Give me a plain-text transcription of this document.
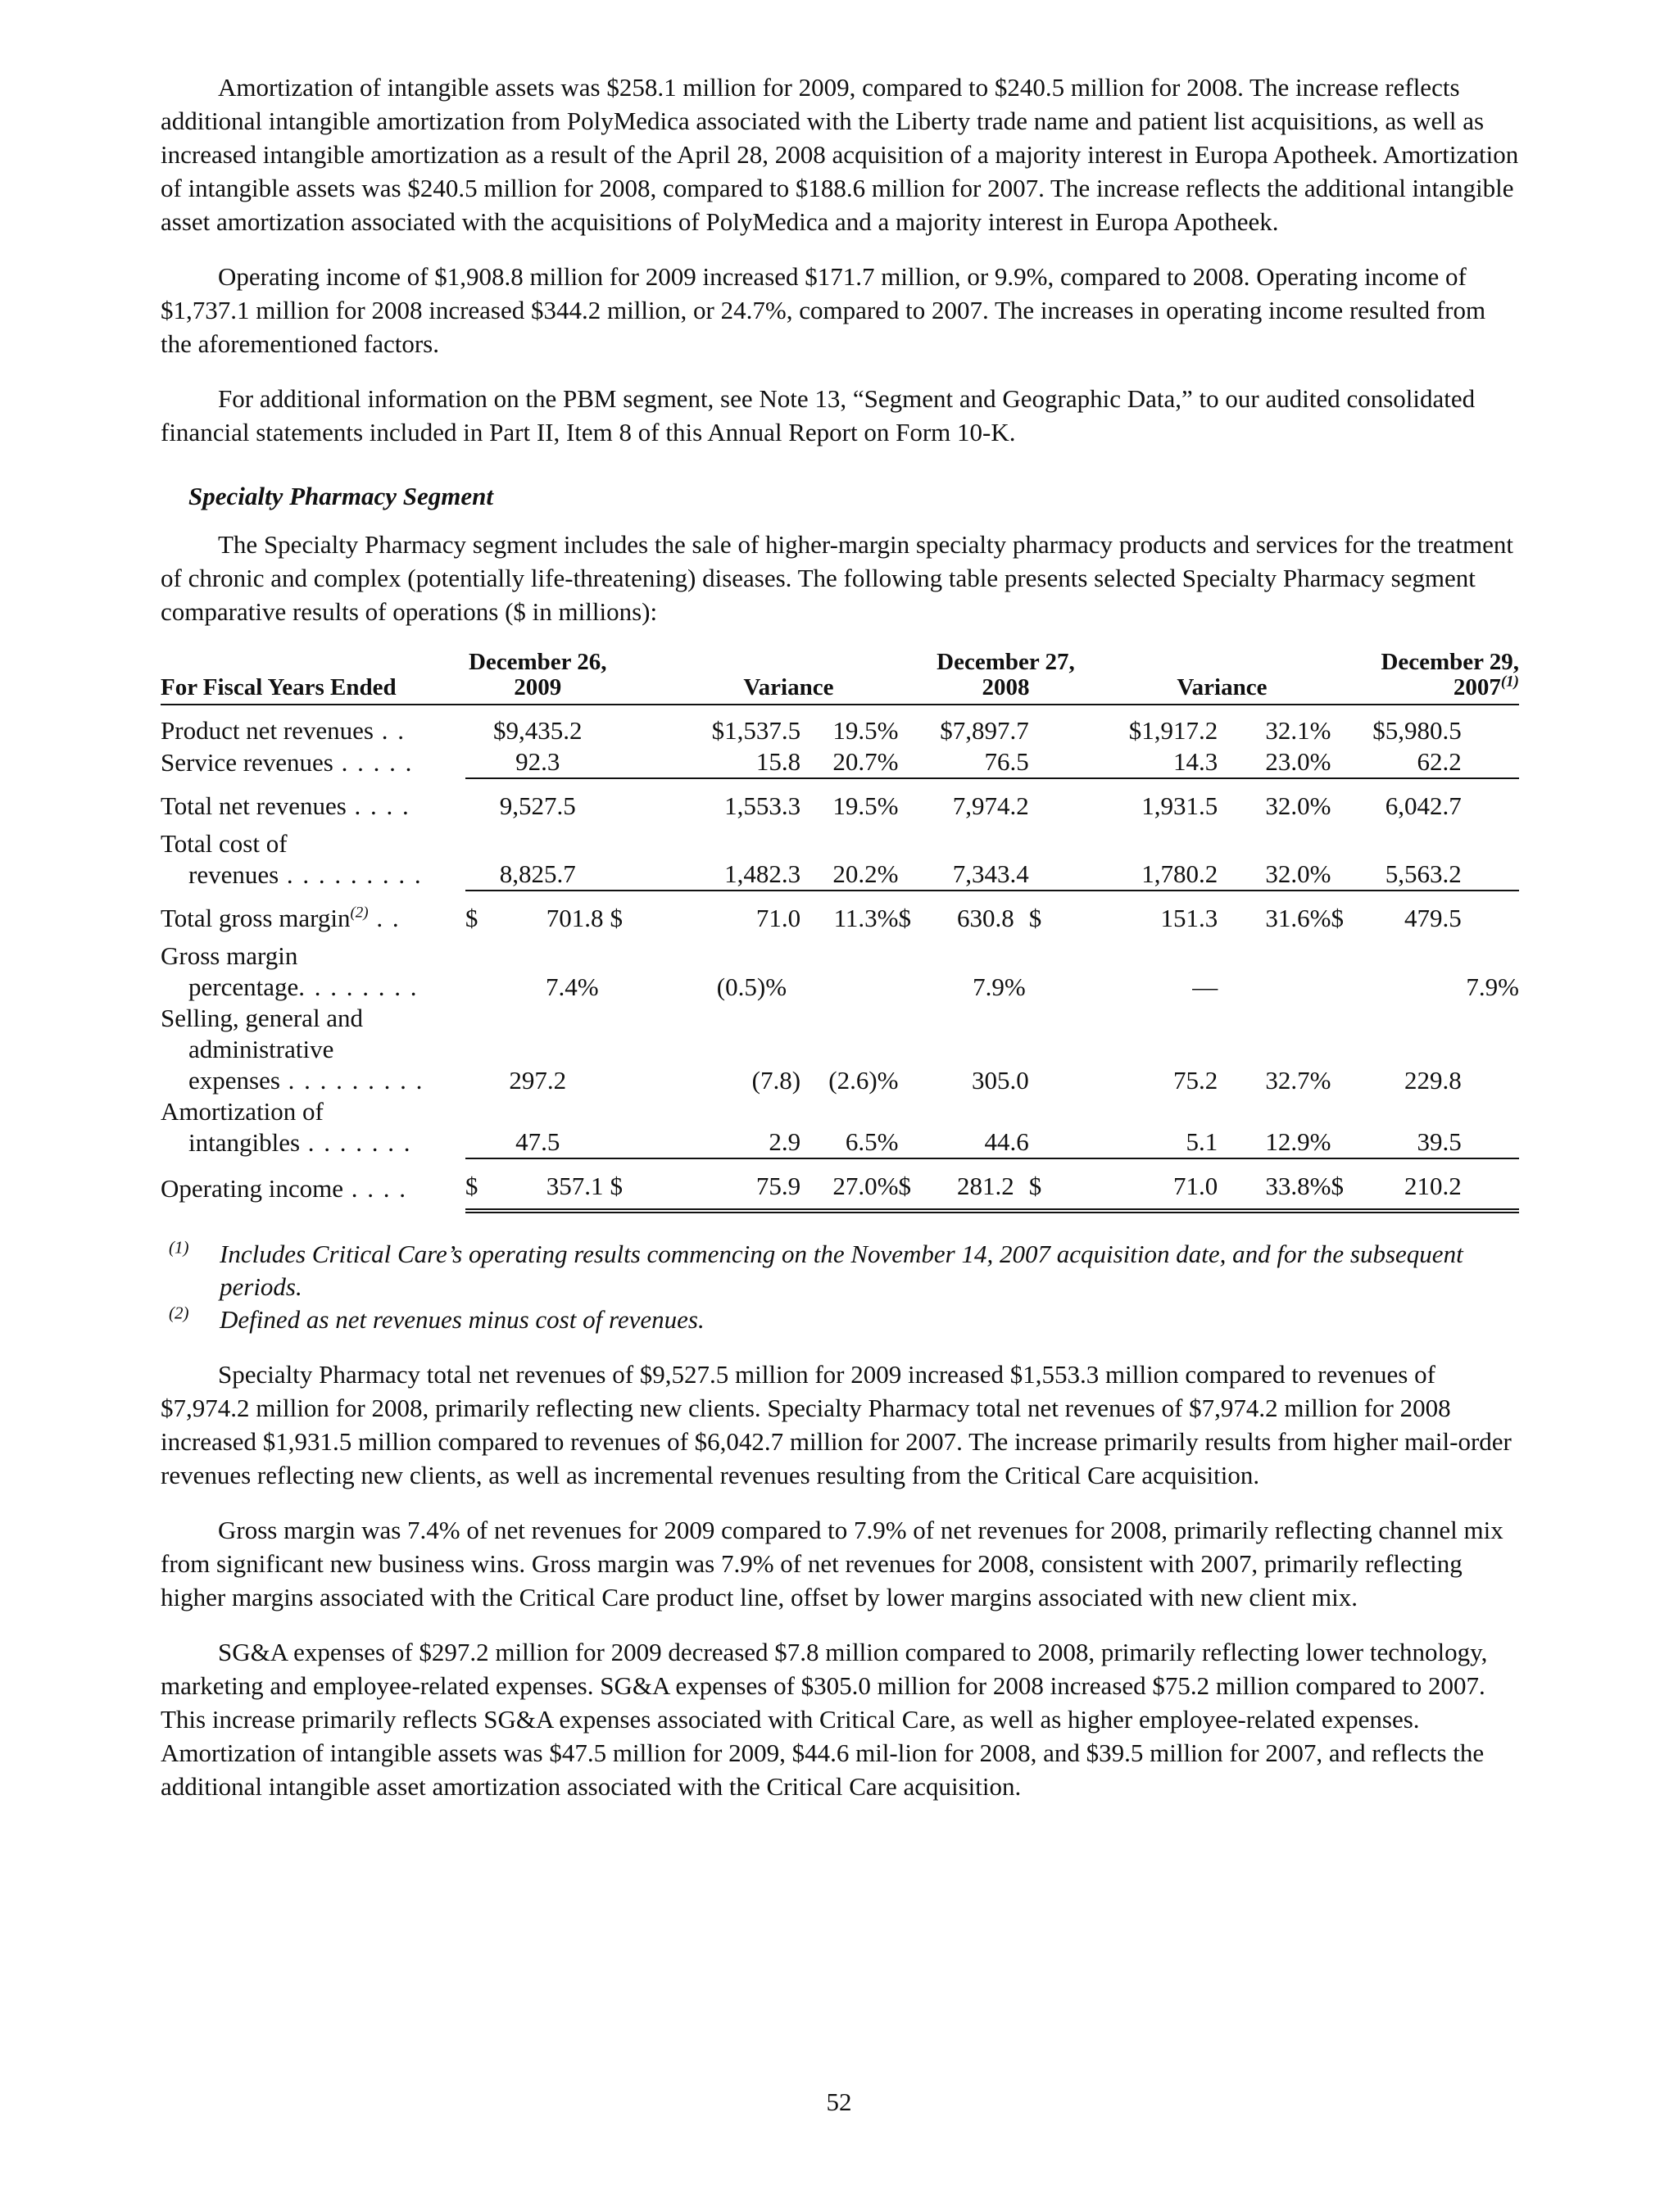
Amortization of intangible assets was $258.1 million for 2009, compared to $240.5 million for 2008. The increase reflects additional intangible amortization from PolyMedica associated with the Liberty trade name and patient list acquisitions, as well as increased intangible amortization as a result of the April 28, 2008 acquisition of a majority interest in Europa Apotheek. Amortization of intangible assets was $240.5 million for 2008, compared to $188.6 million for 2007. The increase reflects the additional intangible asset amortization associated with the acquisitions of PolyMedica and a majority interest in Europa Apotheek.

Operating income of $1,908.8 million for 2009 increased $171.7 million, or 9.9%, compared to 2008. Operating income of $1,737.1 million for 2008 increased $344.2 million, or 24.7%, compared to 2007. The increases in operating income resulted from the aforementioned factors.

For additional information on the PBM segment, see Note 13, “Segment and Geographic Data,” to our audited consolidated financial statements included in Part II, Item 8 of this Annual Report on Form 10-K.

Specialty Pharmacy Segment

The Specialty Pharmacy segment includes the sale of higher-margin specialty pharmacy products and services for the treatment of chronic and complex (potentially life-threatening) diseases. The following table presents selected Specialty Pharmacy segment comparative results of operations ($ in millions):

	December 26,						December 27,						December 29,		
For Fiscal Years Ended	2009			Variance			2008			Variance			2007$^{(1)}$

Product net revenues . .	$9,435.2			$1,537.5		19.5%	$7,897.7		$1,917.2			32.1%	$5,980.5		
Service revenues . . . . .	92.3			15.8		20.7%	76.5		14.3			23.0%	62.2		
Total net revenues . . . .	9,527.5			1,553.3		19.5%	7,974.2		1,931.5			32.0%	6,042.7		

Total cost of
revenues . . . . . . . . .	8,825.7			1,482.3		20.2%	7,343.4		1,780.2			32.0%	5,563.2		
Total gross margin$^{(2)}$ . .	$	701.8	$	71.0		11.3%	$	630.8	$	151.3		31.6%	$	479.5	

Gross margin
percentage. . . . . . . .	7.4%			(0.5)%			7.9%		—				7.9%		

Selling, general and
administrative
expenses . . . . . . . . .	297.2			(7.8)		(2.6)%	305.0		75.2			32.7%	229.8		

Amortization of
intangibles . . . . . . .	47.5			2.9		6.5%	44.6		5.1			12.9%	39.5		
Operating income . . . .	$	357.1	$	75.9		27.0%	$	281.2	$	71.0		33.8%	$	210.2	
$^{(1)}$	Includes Critical Care’s operating results commencing on the November 14, 2007 acquisition date, and for the subsequent periods.
$^{(2)}$	Defined as net revenues minus cost of revenues.

Specialty Pharmacy total net revenues of $9,527.5 million for 2009 increased $1,553.3 million compared to revenues of $7,974.2 million for 2008, primarily reflecting new clients. Specialty Pharmacy total net revenues of $7,974.2 million for 2008 increased $1,931.5 million compared to revenues of $6,042.7 million for 2007. The increase primarily results from higher mail-order revenues reflecting new clients, as well as incremental revenues resulting from the Critical Care acquisition.

Gross margin was 7.4% of net revenues for 2009 compared to 7.9% of net revenues for 2008, primarily reflecting channel mix from significant new business wins. Gross margin was 7.9% of net revenues for 2008, consistent with 2007, primarily reflecting higher margins associated with the Critical Care product line, offset by lower margins associated with new client mix.

SG&A expenses of $297.2 million for 2009 decreased $7.8 million compared to 2008, primarily reflecting lower technology, marketing and employee-related expenses. SG&A expenses of $305.0 million for 2008 increased $75.2 million compared to 2007. This increase primarily reflects SG&A expenses associated with Critical Care, as well as higher employee-related expenses. Amortization of intangible assets was $47.5 million for 2009, $44.6 mil-lion for 2008, and $39.5 million for 2007, and reflects the additional intangible asset amortization associated with the Critical Care acquisition.

52
